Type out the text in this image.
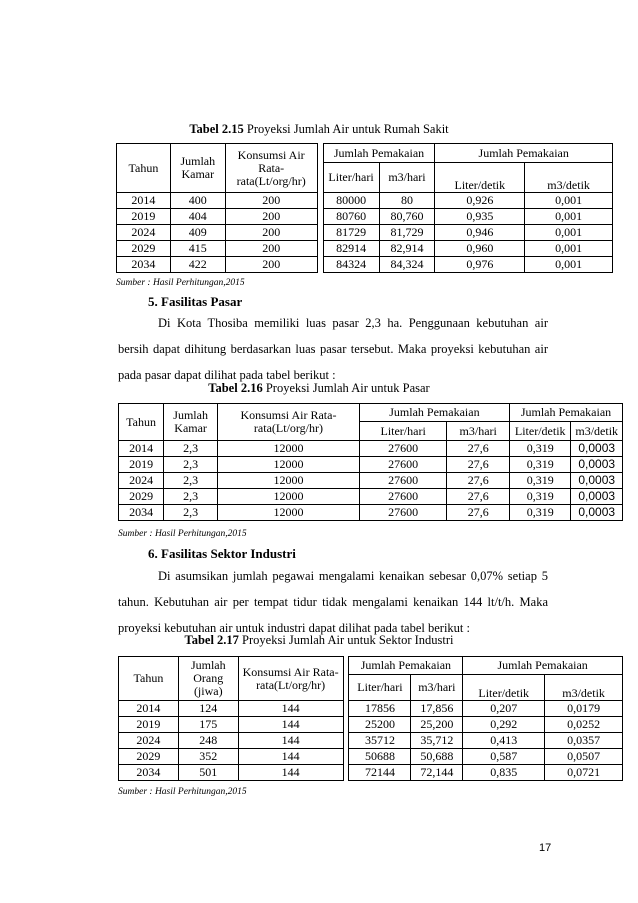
Tabel 2.15 Proyeksi Jumlah Air untuk Rumah Sakit
Tahun	Jumlah Kamar	Konsumsi Air Rata-rata(Lt/org/hr)		Jumlah Pemakaian		Jumlah Pemakaian	
				Liter/hari	m3/hari	Liter/detik	m3/detik
2014	400	200		80000	80	0,926	0,001
2019	404	200		80760	80,760	0,935	0,001
2024	409	200		81729	81,729	0,946	0,001
2029	415	200		82914	82,914	0,960	0,001
2034	422	200		84324	84,324	0,976	0,001
Sumber : Hasil Perhitungan,2015
5. Fasilitas Pasar
Di Kota Thosiba memiliki luas pasar 2,3 ha. Penggunaan kebutuhan air bersih dapat dihitung berdasarkan luas pasar tersebut. Maka proyeksi kebutuhan air pada pasar dapat dilihat pada tabel berikut :
Tabel 2.16 Proyeksi Jumlah Air untuk Pasar
Tahun	Jumlah Kamar	Konsumsi Air Rata-rata(Lt/org/hr)	Jumlah Pemakaian		Jumlah Pemakaian	
			Liter/hari	m3/hari	Liter/detik	m3/detik
2014	2,3	12000	27600	27,6	0,319	0,0003
2019	2,3	12000	27600	27,6	0,319	0,0003
2024	2,3	12000	27600	27,6	0,319	0,0003
2029	2,3	12000	27600	27,6	0,319	0,0003
2034	2,3	12000	27600	27,6	0,319	0,0003
Sumber : Hasil Perhitungan,2015
6. Fasilitas Sektor Industri
Di asumsikan jumlah pegawai mengalami kenaikan sebesar 0,07% setiap 5 tahun. Kebutuhan air per tempat tidur tidak mengalami kenaikan 144 lt/t/h. Maka proyeksi kebutuhan air untuk industri dapat dilihat pada tabel berikut :
Tabel 2.17 Proyeksi Jumlah Air untuk Sektor Industri
Tahun	Jumlah Orang (jiwa)	Konsumsi Air Rata-rata(Lt/org/hr)		Jumlah Pemakaian		Jumlah Pemakaian	
				Liter/hari	m3/hari	Liter/detik	m3/detik
2014	124	144		17856	17,856	0,207	0,0179
2019	175	144		25200	25,200	0,292	0,0252
2024	248	144		35712	35,712	0,413	0,0357
2029	352	144		50688	50,688	0,587	0,0507
2034	501	144		72144	72,144	0,835	0,0721
Sumber : Hasil Perhitungan,2015
17
